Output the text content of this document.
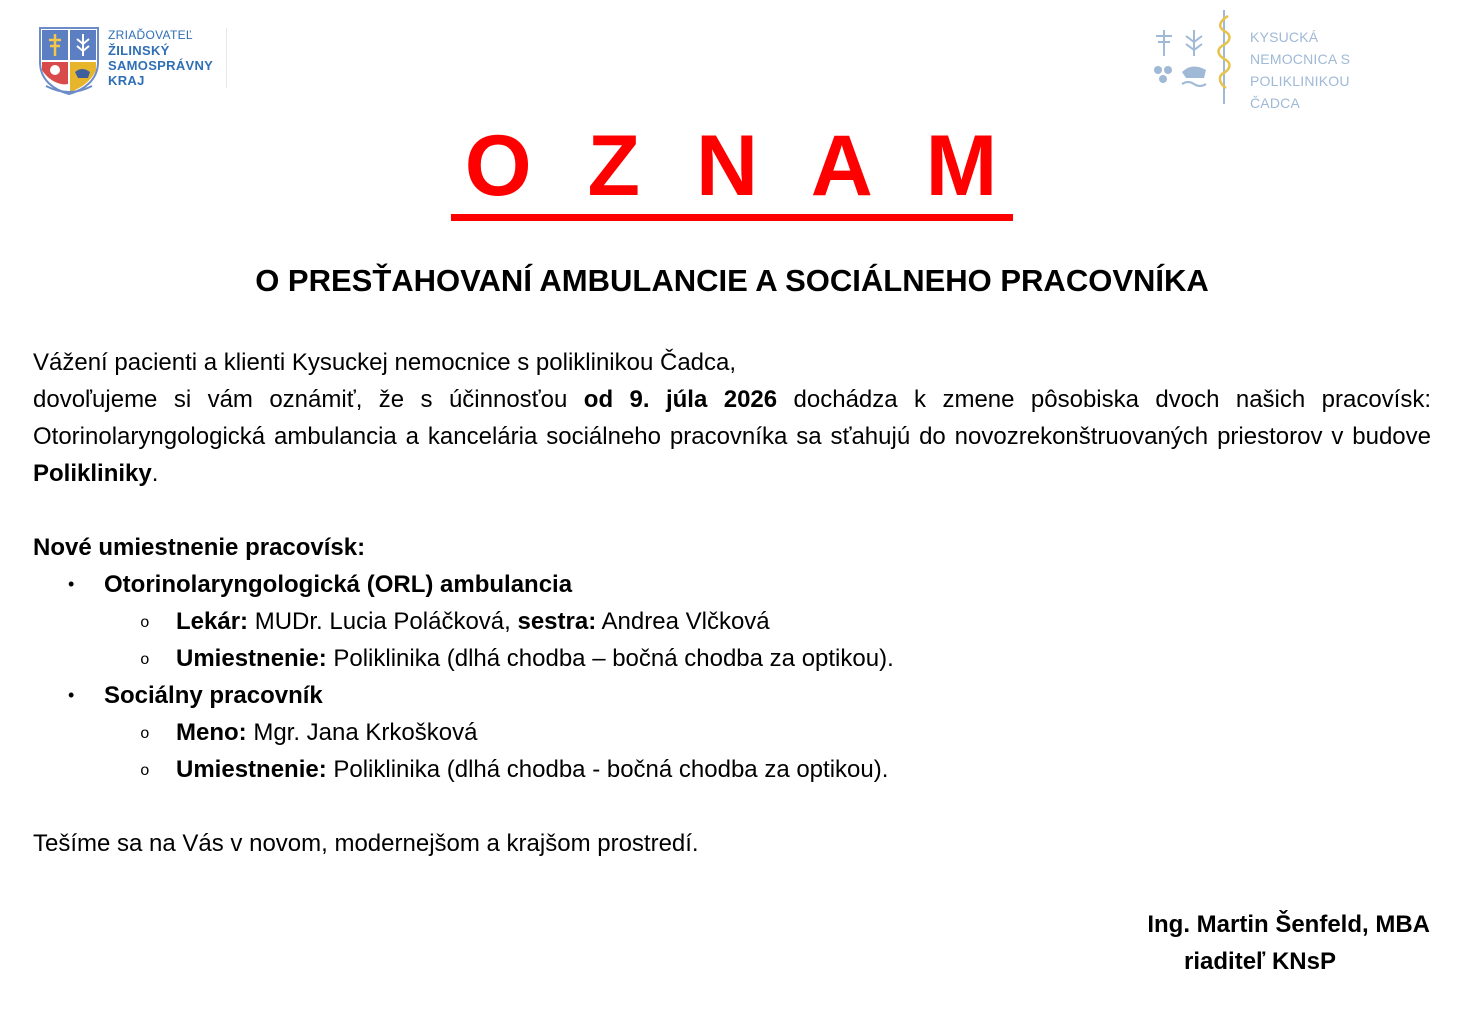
ZRIAĎOVATEĽ
ŽILINSKÝ
SAMOSPRÁVNY
KRAJ
KYSUCKÁ
NEMOCNICA S POLIKLINIKOU
ČADCA
O Z N A M
O PRESŤAHOVANÍ AMBULANCIE A SOCIÁLNEHO PRACOVNÍKA

Vážení pacienti a klienti Kysuckej nemocnice s poliklinikou Čadca,

dovoľujeme si vám oznámiť, že s účinnosťou od 9. júla 2026 dochádza k zmene pôsobiska dvoch našich pracovísk: Otorinolaryngologická ambulancia a kancelária sociálneho pracovníka sa sťahujú do novozrekonštruovaných priestorov v budove Polikliniky.

Nové umiestnenie pracovísk:

• Otorinolaryngologická (ORL) ambulancia
o Lekár: MUDr. Lucia Poláčková, sestra: Andrea Vlčková
o Umiestnenie: Poliklinika (dlhá chodba – bočná chodba za optikou).
• Sociálny pracovník
o Meno: Mgr. Jana Krkošková
o Umiestnenie: Poliklinika (dlhá chodba - bočná chodba za optikou).

Tešíme sa na Vás v novom, modernejšom a krajšom prostredí.

Ing. Martin Šenfeld, MBA
riaditeľ KNsP
